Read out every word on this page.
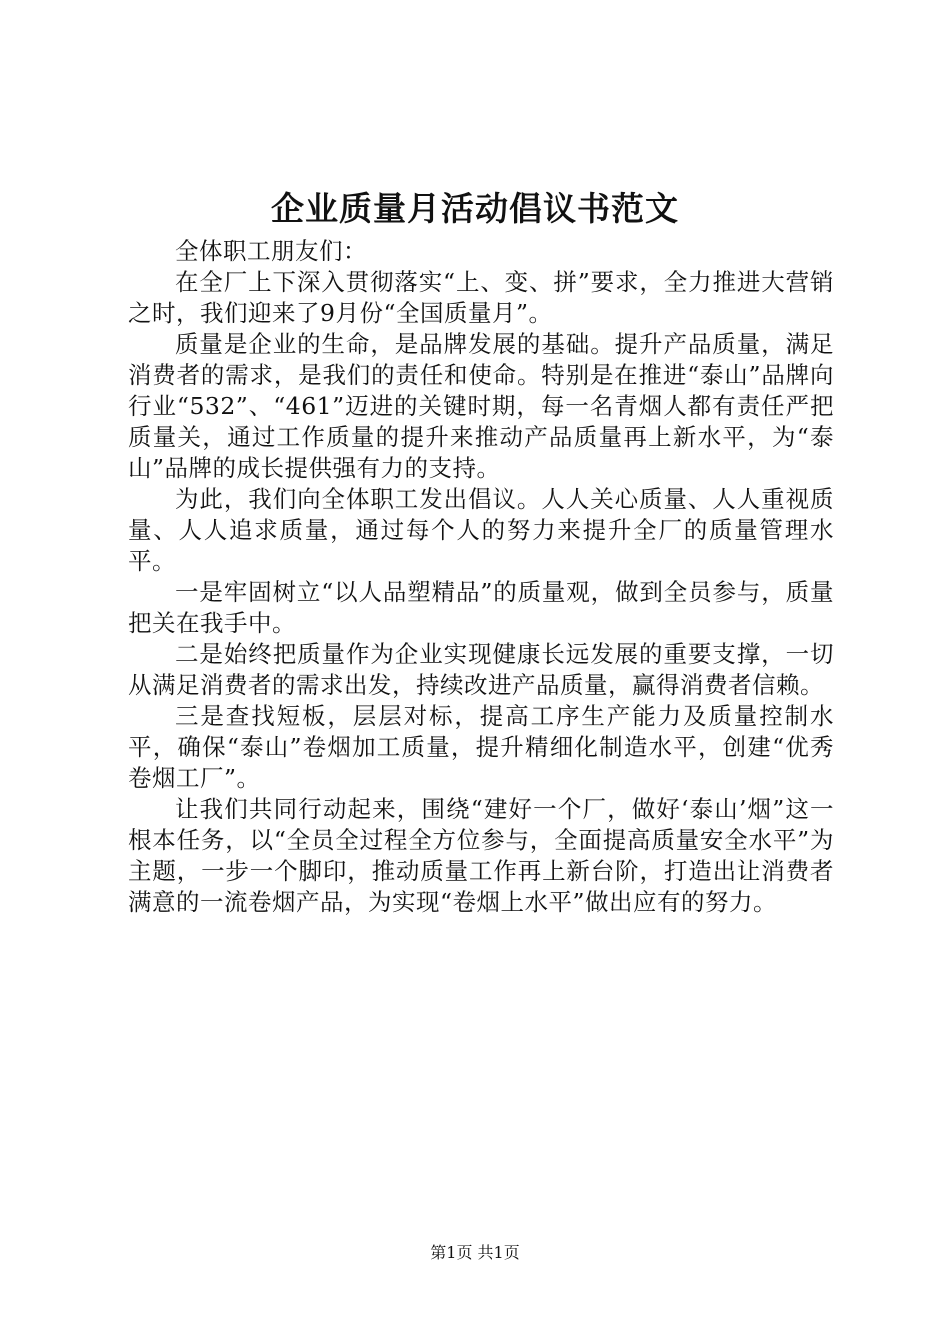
企业质量月活动倡议书范文

全体职工朋友们：

在全厂上下深入贯彻落实“上、变、拼”要求，全力推进大营销之时，我们迎来了9月份“全国质量月”。

质量是企业的生命，是品牌发展的基础。提升产品质量，满足消费者的需求，是我们的责任和使命。特别是在推进“泰山”品牌向行业“532”、“461”迈进的关键时期，每一名青烟人都有责任严把质量关，通过工作质量的提升来推动产品质量再上新水平，为“泰山”品牌的成长提供强有力的支持。

为此，我们向全体职工发出倡议。人人关心质量、人人重视质量、人人追求质量，通过每个人的努力来提升全厂的质量管理水平。

一是牢固树立“以人品塑精品”的质量观，做到全员参与，质量把关在我手中。

二是始终把质量作为企业实现健康长远发展的重要支撑，一切从满足消费者的需求出发，持续改进产品质量，赢得消费者信赖。

三是查找短板，层层对标，提高工序生产能力及质量控制水平，确保“泰山”卷烟加工质量，提升精细化制造水平，创建“优秀卷烟工厂”。

让我们共同行动起来，围绕“建好一个厂，做好‘泰山’烟”这一根本任务，以“全员全过程全方位参与，全面提高质量安全水平”为主题，一步一个脚印，推动质量工作再上新台阶，打造出让消费者满意的一流卷烟产品，为实现“卷烟上水平”做出应有的努力。

第1页 共1页
